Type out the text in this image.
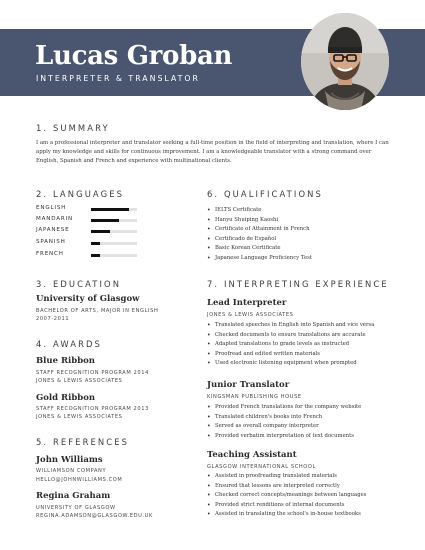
Lucas Groban
INTERPRETER & TRANSLATOR
1. SUMMARY
I am a professional interpreter and translator seeking a full-time position in the field of interpreting and translation, where I can apply my knowledge and skills for continuous improvement. I am a knowledgeable translator with a strong command over English, Spanish and French and experience with multinational clients.
2. LANGUAGES
ENGLISH
MANDARIN
JAPANESE
SPANISH
FRENCH
6. QUALIFICATIONS
• IELTS Certificate
• Hanyu Shuiping Kaoshi
• Certificate of Attainment in French
• Certificado de Español
• Basic Korean Certificate
• Japanese Language Proficiency Test
3. EDUCATION
University of Glasgow
BACHELOR OF ARTS, MAJOR IN ENGLISH
2007-2011
4. AWARDS
Blue Ribbon
STAFF RECOGNITION PROGRAM 2014
JONES & LEWIS ASSOCIATES
Gold Ribbon
STAFF RECOGNITION PROGRAM 2013
JONES & LEWIS ASSOCIATES
5. REFERENCES
John Williams
WILLIAMSON COMPANY
HELLO@JOHNWILLIAMS.COM
Regina Graham
UNIVERSITY OF GLASGOW
REGINA.ADAMSON@GLASGOW.EDU.UK
7. INTERPRETING EXPERIENCE
Lead Interpreter
JONES & LEWIS ASSOCIATES
• Translated speeches in English into Spanish and vice versa
• Checked documents to ensure translations are accurate
• Adapted translations to grade levels as instructed
• Proofread and edited written materials
• Used electronic listening equipment when prompted
Junior Translator
KINGSMAN PUBLISHING HOUSE
• Provided French translations for the company website
• Translated children's books into French
• Served as overall company interpreter
• Provided verbatim interpretation of text documents
Teaching Assistant
GLASGOW INTERNATIONAL SCHOOL
• Assisted in proofreading translated materials
• Ensured that lessons are interpreted correctly
• Checked correct concepts/meanings between languages
• Provided strict renditions of internal documents
• Assisted in translating the school's in-house textbooks
